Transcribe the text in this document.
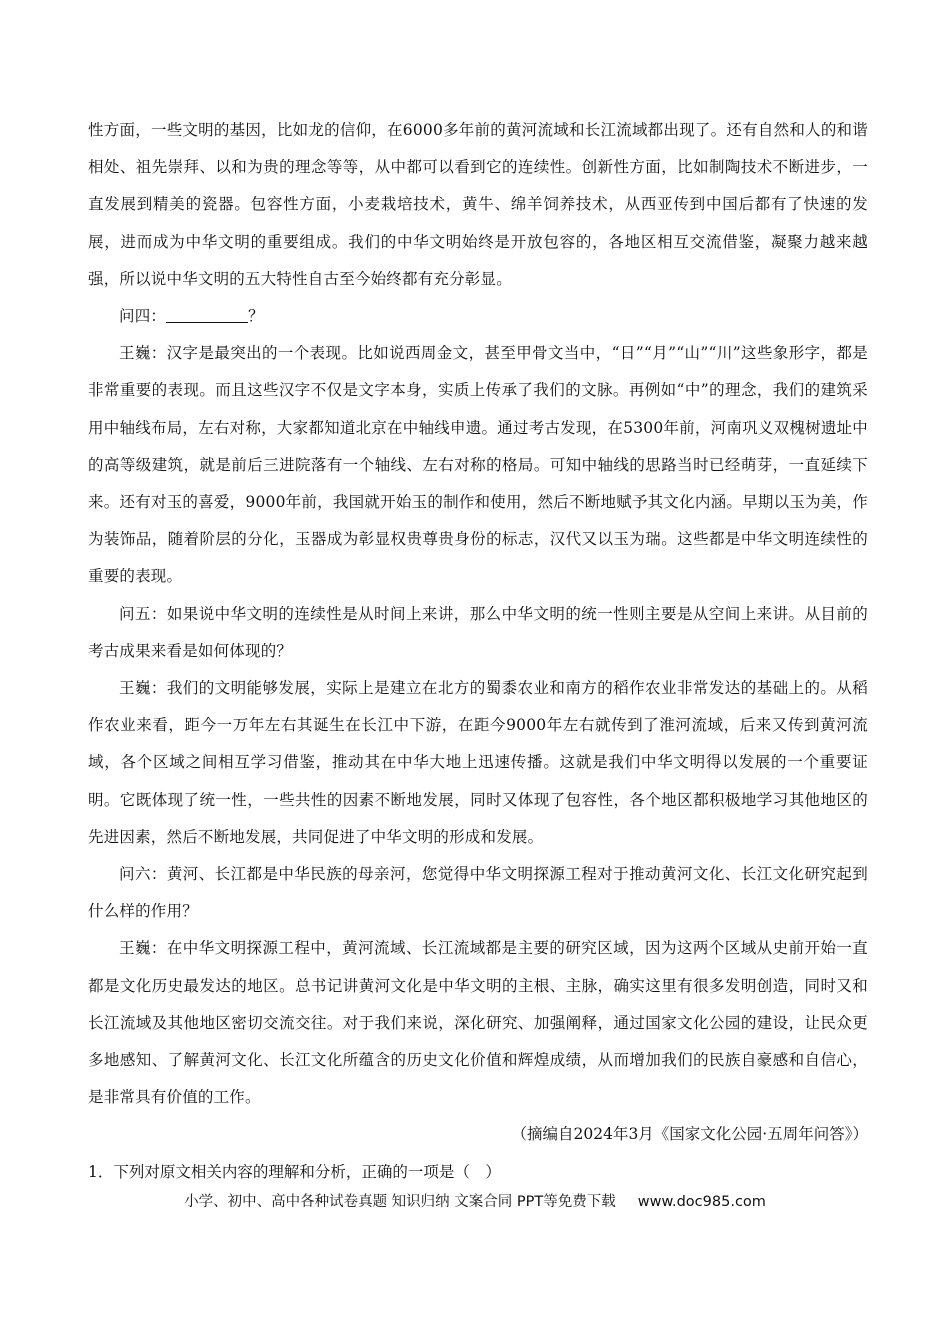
性方面，一些文明的基因，比如龙的信仰，在6000多年前的黄河流域和长江流域都出现了。还有自然和人的和谐相处、祖先崇拜、以和为贵的理念等等，从中都可以看到它的连续性。创新性方面，比如制陶技术不断进步，一直发展到精美的瓷器。包容性方面，小麦栽培技术，黄牛、绵羊饲养技术，从西亚传到中国后都有了快速的发展，进而成为中华文明的重要组成。我们的中华文明始终是开放包容的，各地区相互交流借鉴，凝聚力越来越强，所以说中华文明的五大特性自古至今始终都有充分彰显。

问四：	？

王巍：汉字是最突出的一个表现。比如说西周金文，甚至甲骨文当中，“日”“月”“山”“川”这些象形字，都是非常重要的表现。而且这些汉字不仅是文字本身，实质上传承了我们的文脉。再例如“中”的理念，我们的建筑采用中轴线布局，左右对称，大家都知道北京在中轴线申遗。通过考古发现，在5300年前，河南巩义双槐树遗址中的高等级建筑，就是前后三进院落有一个轴线、左右对称的格局。可知中轴线的思路当时已经萌芽，一直延续下来。还有对玉的喜爱，9000年前，我国就开始玉的制作和使用，然后不断地赋予其文化内涵。早期以玉为美，作为装饰品，随着阶层的分化，玉器成为彰显权贵尊贵身份的标志，汉代又以玉为瑞。这些都是中华文明连续性的重要的表现。

问五：如果说中华文明的连续性是从时间上来讲，那么中华文明的统一性则主要是从空间上来讲。从目前的考古成果来看是如何体现的？

王巍：我们的文明能够发展，实际上是建立在北方的蜀黍农业和南方的稻作农业非常发达的基础上的。从稻作农业来看，距今一万年左右其诞生在长江中下游，在距今9000年左右就传到了淮河流域，后来又传到黄河流域，各个区域之间相互学习借鉴，推动其在中华大地上迅速传播。这就是我们中华文明得以发展的一个重要证明。它既体现了统一性，一些共性的因素不断地发展，同时又体现了包容性，各个地区都积极地学习其他地区的先进因素，然后不断地发展，共同促进了中华文明的形成和发展。

问六：黄河、长江都是中华民族的母亲河，您觉得中华文明探源工程对于推动黄河文化、长江文化研究起到什么样的作用？

王巍：在中华文明探源工程中，黄河流域、长江流域都是主要的研究区域，因为这两个区域从史前开始一直都是文化历史最发达的地区。总书记讲黄河文化是中华文明的主根、主脉，确实这里有很多发明创造，同时又和长江流域及其他地区密切交流交往。对于我们来说，深化研究、加强阐释，通过国家文化公园的建设，让民众更多地感知、了解黄河文化、长江文化所蕴含的历史文化价值和辉煌成绩，从而增加我们的民族自豪感和自信心，是非常具有价值的工作。

（摘编自2024年3月《国家文化公园·五周年问答》）

1．下列对原文相关内容的理解和分析，正确的一项是（　）

小学、初中、高中各种试卷真题 知识归纳 文案合同 PPT等免费下载 www.doc985.com
